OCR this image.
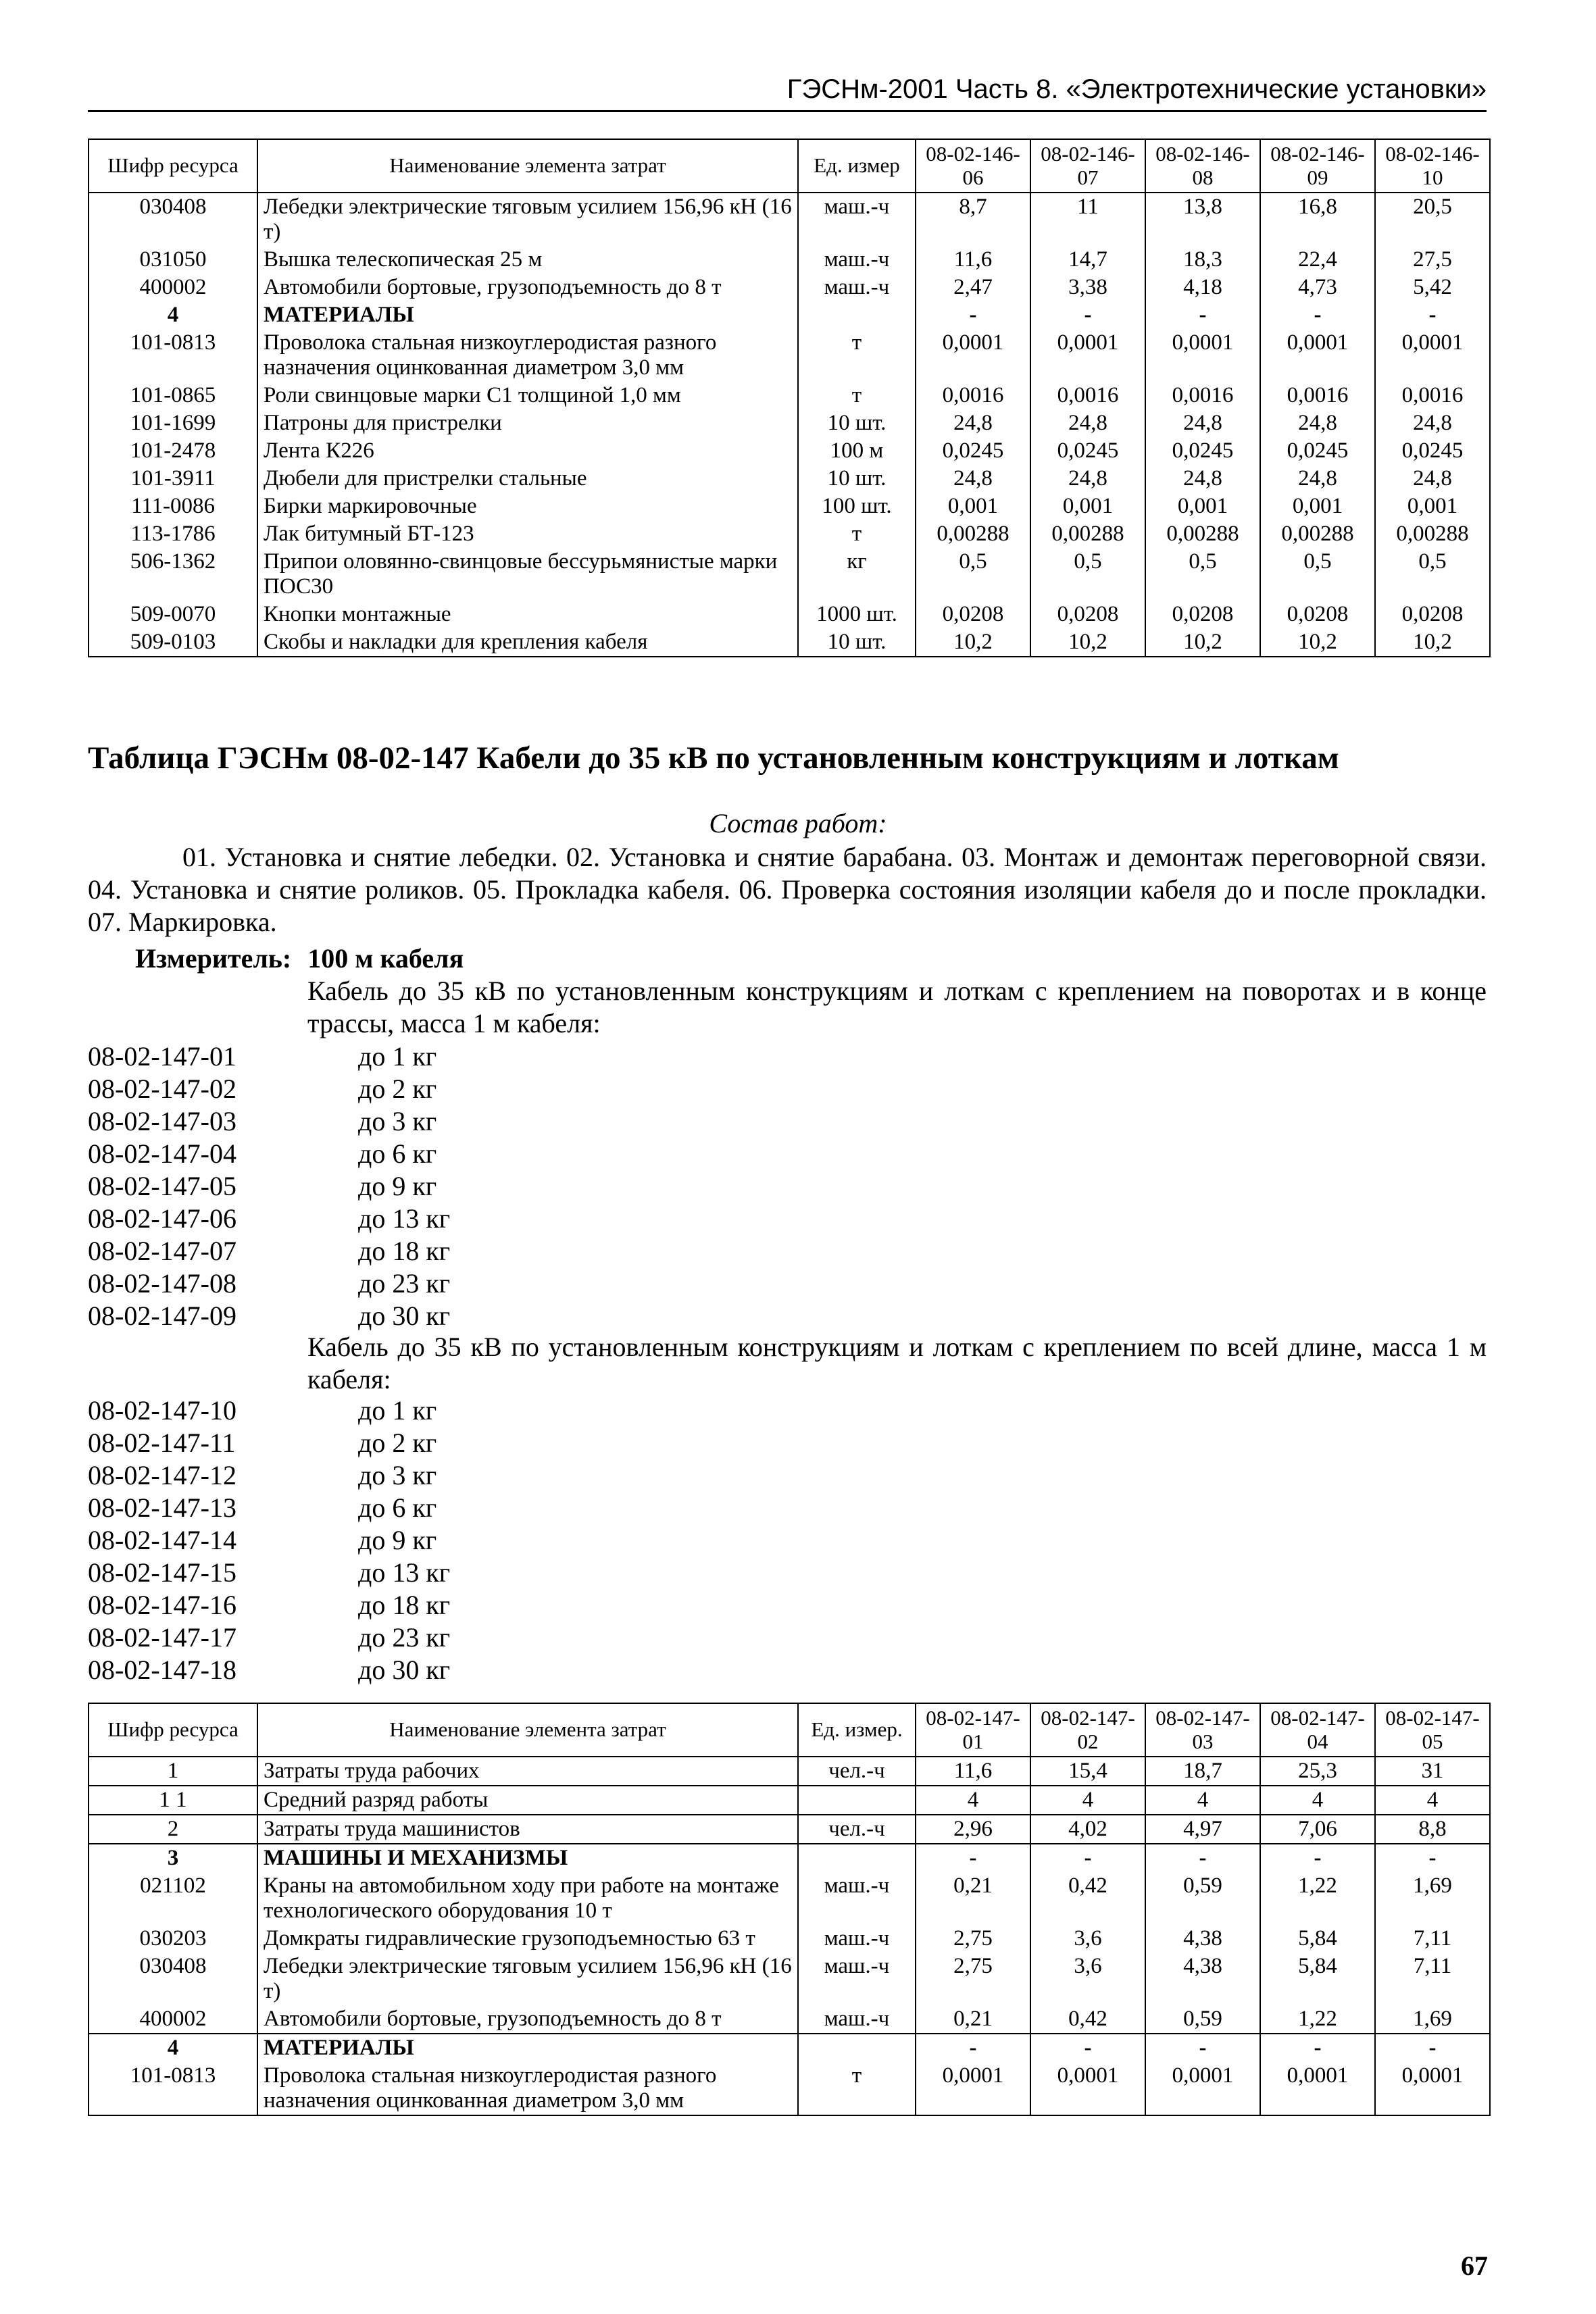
ГЭСНм-2001 Часть 8. «Электротехнические установки»
Шифр ресурса	Наименование элемента затрат	Ед. измер	08-02-146-06	08-02-146-07	08-02-146-08	08-02-146-09	08-02-146-10
030408	Лебедки электрические тяговым усилием 156,96 кН (16 т)	маш.-ч	8,7	11	13,8	16,8	20,5
031050	Вышка телескопическая 25 м	маш.-ч	11,6	14,7	18,3	22,4	27,5
400002	Автомобили бортовые, грузоподъемность до 8 т	маш.-ч	2,47	3,38	4,18	4,73	5,42
4	МАТЕРИАЛЫ		-	-	-	-	-
101-0813	Проволока стальная низкоуглеродистая разного назначения оцинкованная диаметром 3,0 мм	т	0,0001	0,0001	0,0001	0,0001	0,0001
101-0865	Роли свинцовые марки С1 толщиной 1,0 мм	т	0,0016	0,0016	0,0016	0,0016	0,0016
101-1699	Патроны для пристрелки	10 шт.	24,8	24,8	24,8	24,8	24,8
101-2478	Лента К226	100 м	0,0245	0,0245	0,0245	0,0245	0,0245
101-3911	Дюбели для пристрелки стальные	10 шт.	24,8	24,8	24,8	24,8	24,8
111-0086	Бирки маркировочные	100 шт.	0,001	0,001	0,001	0,001	0,001
113-1786	Лак битумный БТ-123	т	0,00288	0,00288	0,00288	0,00288	0,00288
506-1362	Припои оловянно-свинцовые бессурьмянистые марки ПОС30	кг	0,5	0,5	0,5	0,5	0,5
509-0070	Кнопки монтажные	1000 шт.	0,0208	0,0208	0,0208	0,0208	0,0208
509-0103	Скобы и накладки для крепления кабеля	10 шт.	10,2	10,2	10,2	10,2	10,2
Таблица ГЭСНм 08-02-147 Кабели до 35 кВ по установленным конструкциям и лоткам
Состав работ:
01. Установка и снятие лебедки. 02. Установка и снятие барабана. 03. Монтаж и демонтаж переговорной связи. 04. Установка и снятие роликов. 05. Прокладка кабеля. 06. Проверка состояния изоляции кабеля до и после прокладки. 07. Маркировка.
Измеритель: 100 м кабеля
Кабель до 35 кВ по установленным конструкциям и лоткам с креплением на поворотах и в конце трассы, масса 1 м кабеля:
08-02-147-01	до 1 кг
08-02-147-02	до 2 кг
08-02-147-03	до 3 кг
08-02-147-04	до 6 кг
08-02-147-05	до 9 кг
08-02-147-06	до 13 кг
08-02-147-07	до 18 кг
08-02-147-08	до 23 кг
08-02-147-09	до 30 кг
Кабель до 35 кВ по установленным конструкциям и лоткам с креплением по всей длине, масса 1 м кабеля:
08-02-147-10	до 1 кг
08-02-147-11	до 2 кг
08-02-147-12	до 3 кг
08-02-147-13	до 6 кг
08-02-147-14	до 9 кг
08-02-147-15	до 13 кг
08-02-147-16	до 18 кг
08-02-147-17	до 23 кг
08-02-147-18	до 30 кг
Шифр ресурса	Наименование элемента затрат	Ед. измер.	08-02-147-01	08-02-147-02	08-02-147-03	08-02-147-04	08-02-147-05
1	Затраты труда рабочих	чел.-ч	11,6	15,4	18,7	25,3	31
1 1	Средний разряд работы		4	4	4	4	4
2	Затраты труда машинистов	чел.-ч	2,96	4,02	4,97	7,06	8,8
3	МАШИНЫ И МЕХАНИЗМЫ		-	-	-	-	-
021102	Краны на автомобильном ходу при работе на монтаже технологического оборудования 10 т	маш.-ч	0,21	0,42	0,59	1,22	1,69
030203	Домкраты гидравлические грузоподъемностью 63 т	маш.-ч	2,75	3,6	4,38	5,84	7,11
030408	Лебедки электрические тяговым усилием 156,96 кН (16 т)	маш.-ч	2,75	3,6	4,38	5,84	7,11
400002	Автомобили бортовые, грузоподъемность до 8 т	маш.-ч	0,21	0,42	0,59	1,22	1,69
4	МАТЕРИАЛЫ		-	-	-	-	-
101-0813	Проволока стальная низкоуглеродистая разного назначения оцинкованная диаметром 3,0 мм	т	0,0001	0,0001	0,0001	0,0001	0,0001
67
